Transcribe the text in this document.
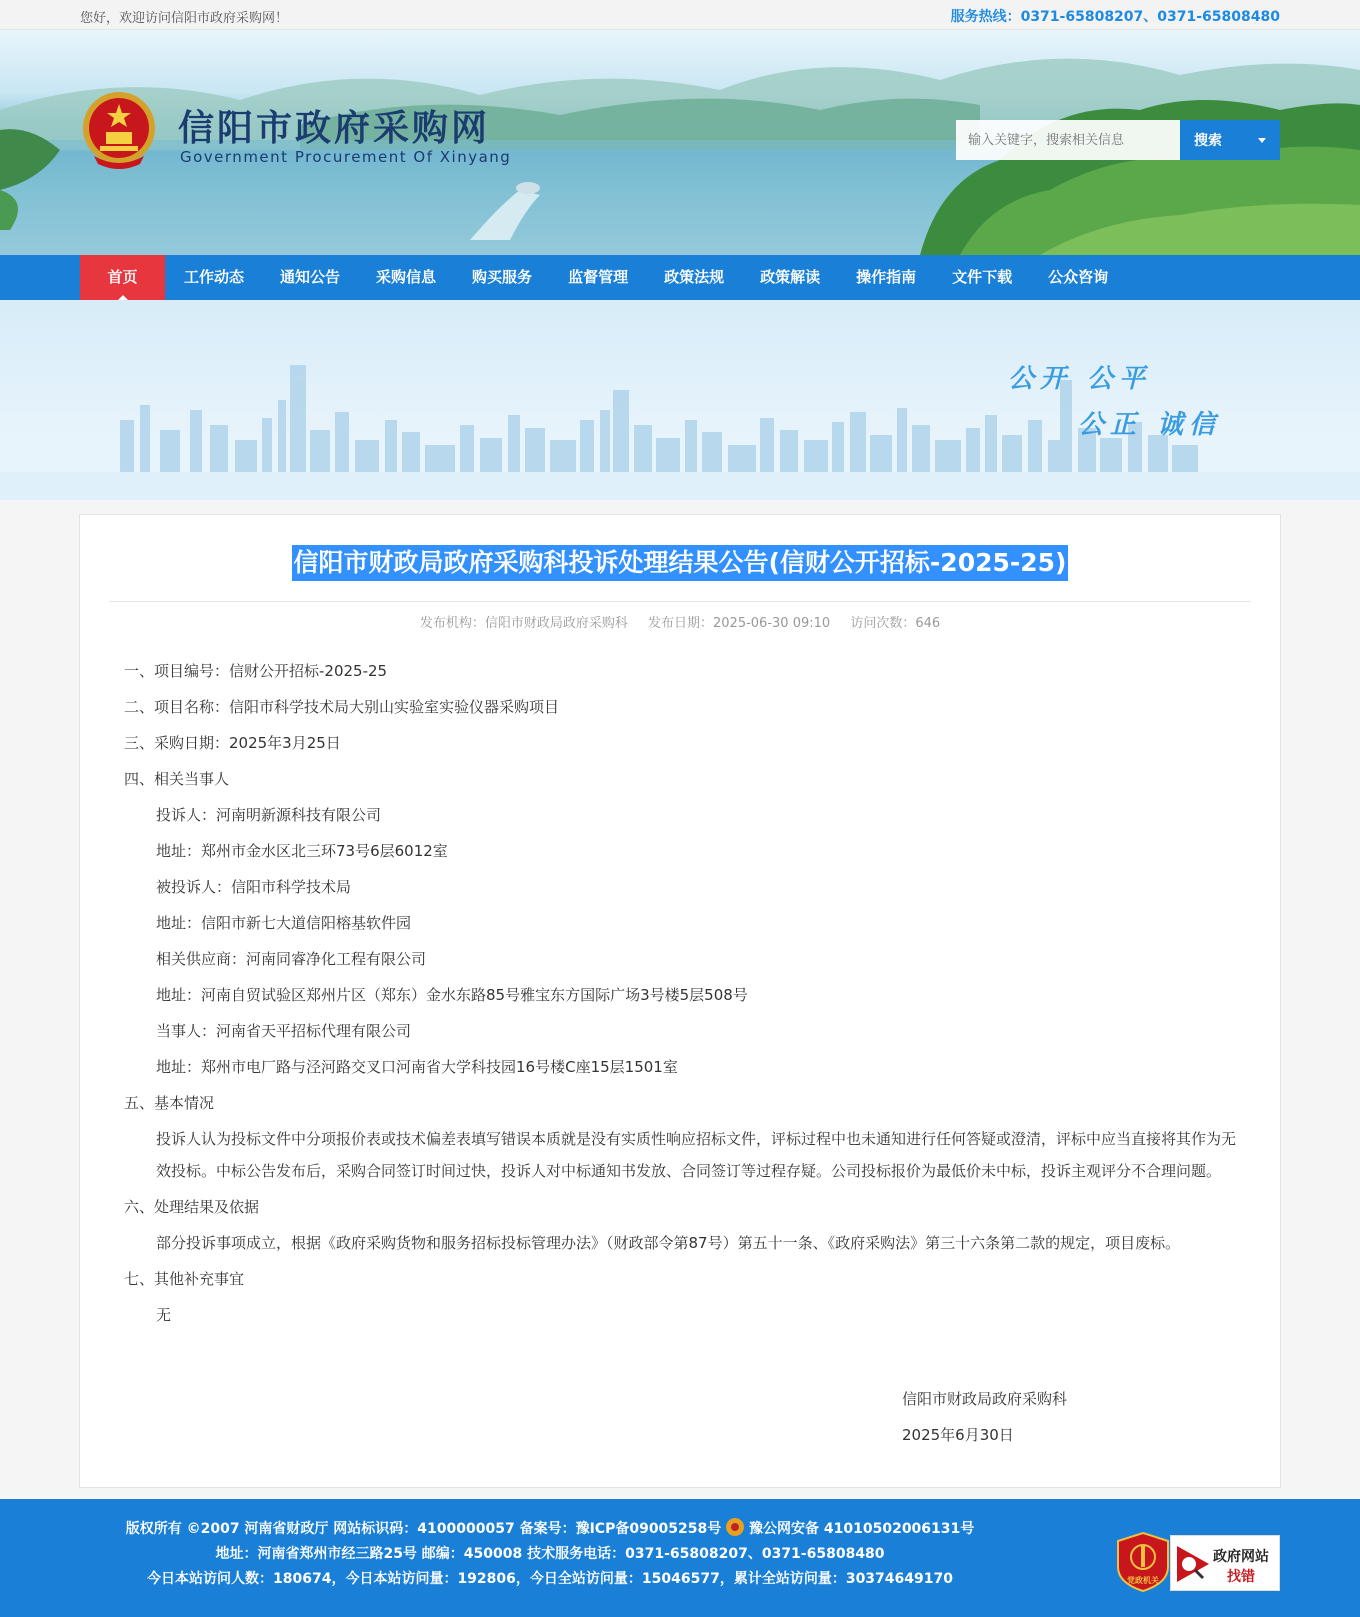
您好，欢迎访问信阳市政府采购网！	服务热线：0371-65808207、0371-65808480
信阳市政府采购网
Government Procurement Of Xinyang
输入关键字，搜索相关信息
搜索
首页	工作动态	通知公告	采购信息	购买服务	监督管理	政策法规	政策解读	操作指南	文件下载	公众咨询
公开 公平
公正 诚信
信阳市财政局政府采购科投诉处理结果公告(信财公开招标-2025-25)
发布机构：信阳市财政局政府采购科 发布日期：2025-06-30 09:10 访问次数：646

一、项目编号：信财公开招标-2025-25

二、项目名称：信阳市科学技术局大别山实验室实验仪器采购项目

三、采购日期：2025年3月25日

四、相关当事人

投诉人：河南明新源科技有限公司

地址：郑州市金水区北三环73号6层6012室

被投诉人：信阳市科学技术局

地址：信阳市新七大道信阳榕基软件园

相关供应商：河南同睿净化工程有限公司

地址：河南自贸试验区郑州片区（郑东）金水东路85号雅宝东方国际广场3号楼5层508号

当事人：河南省天平招标代理有限公司

地址：郑州市电厂路与泾河路交叉口河南省大学科技园16号楼C座15层1501室

五、基本情况

投诉人认为投标文件中分项报价表或技术偏差表填写错误本质就是没有实质性响应招标文件，评标过程中也未通知进行任何答疑或澄清，评标中应当直接将其作为无效投标。中标公告发布后，采购合同签订时间过快，投诉人对中标通知书发放、合同签订等过程存疑。公司投标报价为最低价未中标，投诉主观评分不合理问题。

六、处理结果及依据

部分投诉事项成立，根据《政府采购货物和服务招标投标管理办法》（财政部令第87号）第五十一条、《政府采购法》第三十六条第二款的规定，项目废标。

七、其他补充事宜

无

信阳市财政局政府采购科
2025年6月30日
版权所有 ©2007 河南省财政厅 网站标识码：4100000057 备案号：豫ICP备09005258号 豫公网安备 41010502006131号
地址：河南省郑州市经三路25号 邮编：450008 技术服务电话：0371-65808207、0371-65808480
今日本站访问人数：180674，今日本站访问量：192806，今日全站访问量：15046577，累计全站访问量：30374649170	党政机关
政府网站
找错
